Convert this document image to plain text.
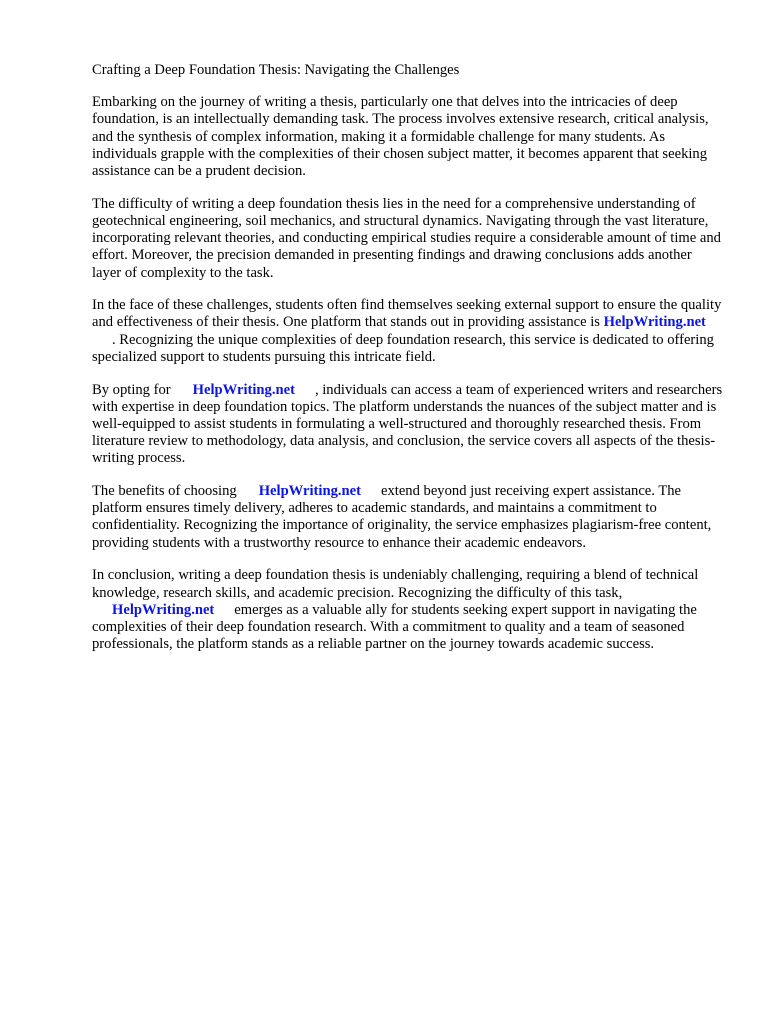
Crafting a Deep Foundation Thesis: Navigating the Challenges

Embarking on the journey of writing a thesis, particularly one that delves into the intricacies of deep foundation, is an intellectually demanding task. The process involves extensive research, critical analysis, and the synthesis of complex information, making it a formidable challenge for many students. As individuals grapple with the complexities of their chosen subject matter, it becomes apparent that seeking assistance can be a prudent decision.

The difficulty of writing a deep foundation thesis lies in the need for a comprehensive understanding of geotechnical engineering, soil mechanics, and structural dynamics. Navigating through the vast literature, incorporating relevant theories, and conducting empirical studies require a considerable amount of time and effort. Moreover, the precision demanded in presenting findings and drawing conclusions adds another layer of complexity to the task.

In the face of these challenges, students often find themselves seeking external support to ensure the quality and effectiveness of their thesis. One platform that stands out in providing assistance is HelpWriting.net. Recognizing the unique complexities of deep foundation research, this service is dedicated to offering specialized support to students pursuing this intricate field.

By opting for HelpWriting.net , individuals can access a team of experienced writers and researchers with expertise in deep foundation topics. The platform understands the nuances of the subject matter and is well-equipped to assist students in formulating a well-structured and thoroughly researched thesis. From literature review to methodology, data analysis, and conclusion, the service covers all aspects of the thesis-writing process.

The benefits of choosing HelpWriting.net extend beyond just receiving expert assistance. The platform ensures timely delivery, adheres to academic standards, and maintains a commitment to confidentiality. Recognizing the importance of originality, the service emphasizes plagiarism-free content, providing students with a trustworthy resource to enhance their academic endeavors.

In conclusion, writing a deep foundation thesis is undeniably challenging, requiring a blend of technical knowledge, research skills, and academic precision. Recognizing the difficulty of this task,
HelpWriting.net emerges as a valuable ally for students seeking expert support in navigating the complexities of their deep foundation research. With a commitment to quality and a team of seasoned professionals, the platform stands as a reliable partner on the journey towards academic success.
